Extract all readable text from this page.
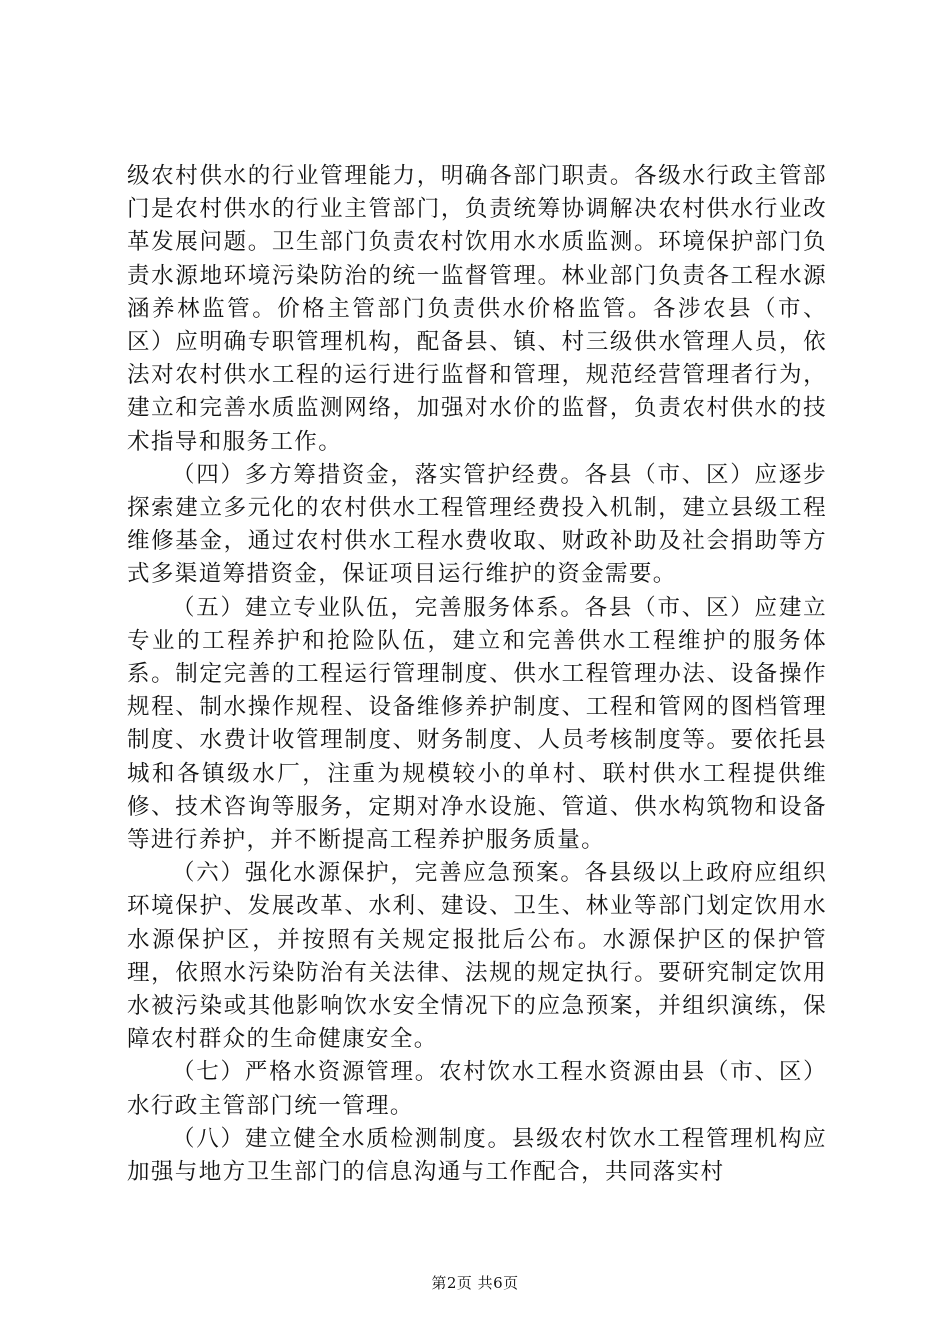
级农村供水的行业管理能力，明确各部门职责。各级水行政主管部门是农村供水的行业主管部门，负责统筹协调解决农村供水行业改革发展问题。卫生部门负责农村饮用水水质监测。环境保护部门负责水源地环境污染防治的统一监督管理。林业部门负责各工程水源涵养林监管。价格主管部门负责供水价格监管。各涉农县（市、区）应明确专职管理机构，配备县、镇、村三级供水管理人员，依法对农村供水工程的运行进行监督和管理，规范经营管理者行为，建立和完善水质监测网络，加强对水价的监督，负责农村供水的技术指导和服务工作。

（四）多方筹措资金，落实管护经费。各县（市、区）应逐步探索建立多元化的农村供水工程管理经费投入机制，建立县级工程维修基金，通过农村供水工程水费收取、财政补助及社会捐助等方式多渠道筹措资金，保证项目运行维护的资金需要。

（五）建立专业队伍，完善服务体系。各县（市、区）应建立专业的工程养护和抢险队伍，建立和完善供水工程维护的服务体系。制定完善的工程运行管理制度、供水工程管理办法、设备操作规程、制水操作规程、设备维修养护制度、工程和管网的图档管理制度、水费计收管理制度、财务制度、人员考核制度等。要依托县城和各镇级水厂，注重为规模较小的单村、联村供水工程提供维修、技术咨询等服务，定期对净水设施、管道、供水构筑物和设备等进行养护，并不断提高工程养护服务质量。

（六）强化水源保护，完善应急预案。各县级以上政府应组织环境保护、发展改革、水利、建设、卫生、林业等部门划定饮用水水源保护区，并按照有关规定报批后公布。水源保护区的保护管理，依照水污染防治有关法律、法规的规定执行。要研究制定饮用水被污染或其他影响饮水安全情况下的应急预案，并组织演练，保障农村群众的生命健康安全。

（七）严格水资源管理。农村饮水工程水资源由县（市、区）水行政主管部门统一管理。

（八）建立健全水质检测制度。县级农村饮水工程管理机构应加强与地方卫生部门的信息沟通与工作配合，共同落实村

第2页 共6页
